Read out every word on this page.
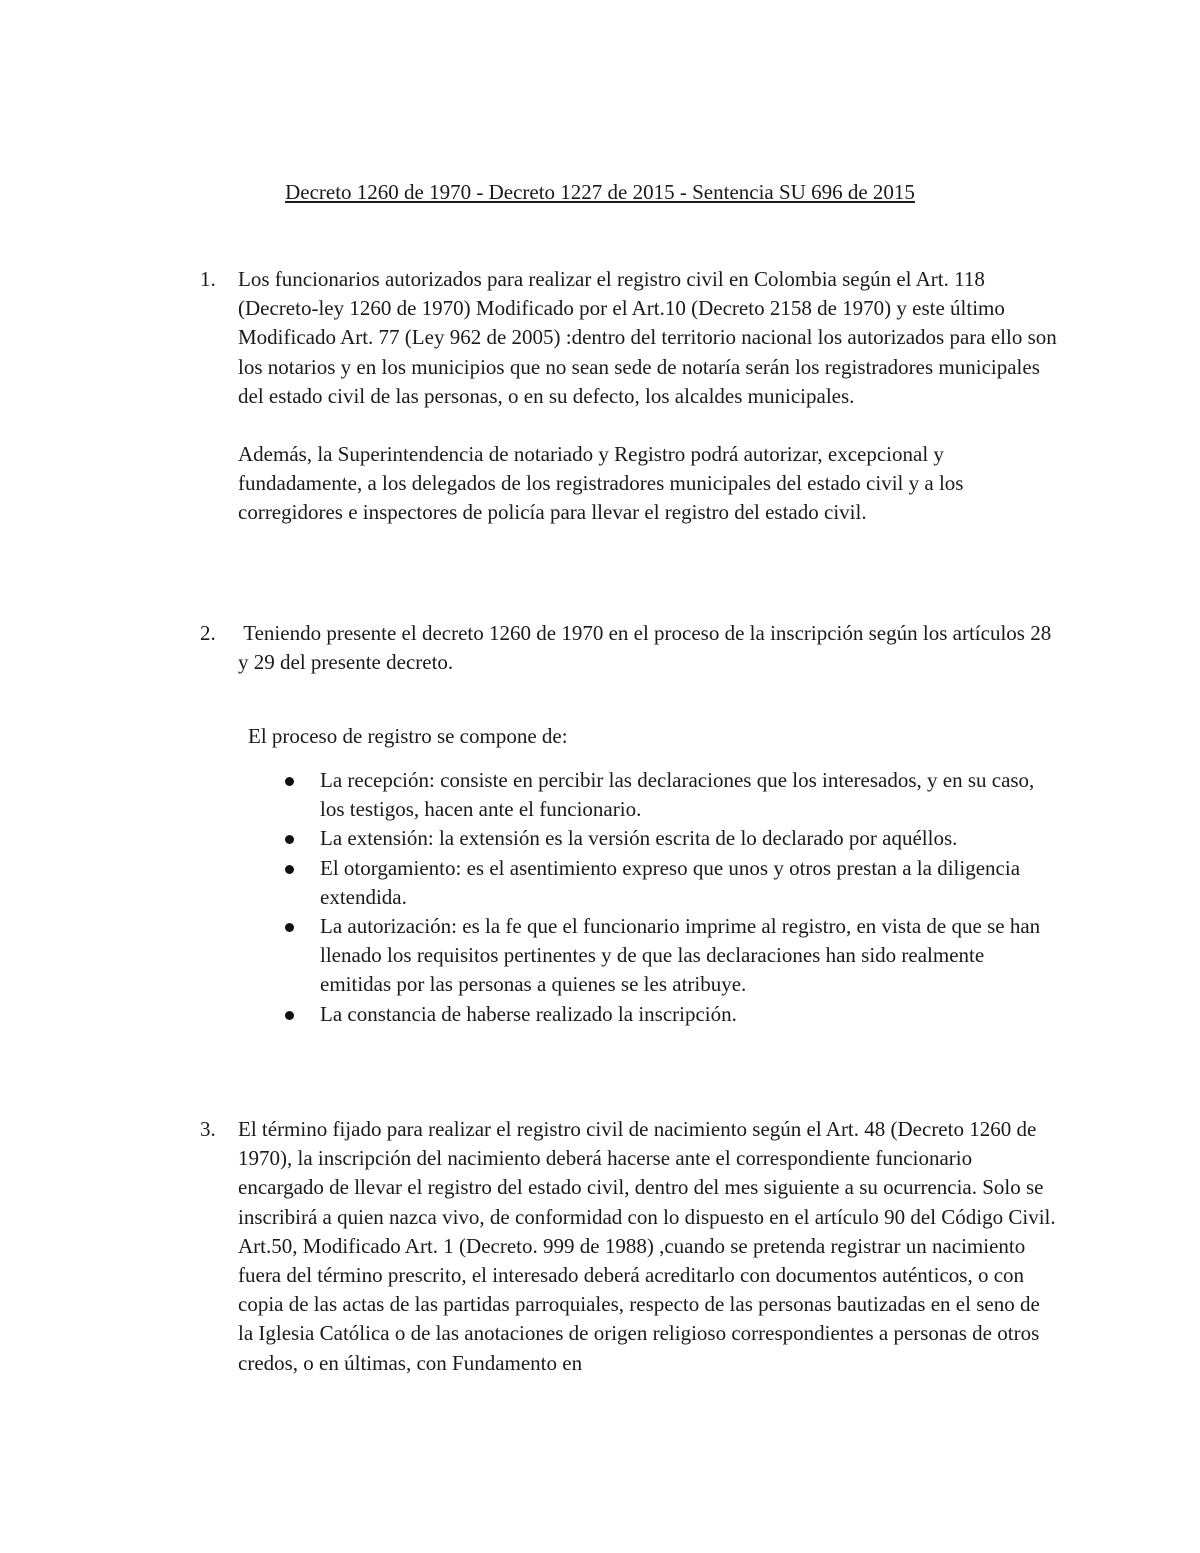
Decreto 1260 de 1970 - Decreto 1227 de 2015 - Sentencia SU 696 de 2015
1. Los funcionarios autorizados para realizar el registro civil en Colombia según el Art. 118 (Decreto-ley 1260 de 1970) Modificado por el Art.10 (Decreto 2158 de 1970) y este último Modificado Art. 77 (Ley 962 de 2005) :dentro del territorio nacional los autorizados para ello son los notarios y en los municipios que no sean sede de notaría serán los registradores municipales del estado civil de las personas, o en su defecto, los alcaldes municipales.
Además, la Superintendencia de notariado y Registro podrá autorizar, excepcional y fundadamente, a los delegados de los registradores municipales del estado civil y a los corregidores e inspectores de policía para llevar el registro del estado civil.
2. Teniendo presente el decreto 1260 de 1970 en el proceso de la inscripción según los artículos 28 y 29 del presente decreto.
El proceso de registro se compone de:
La recepción: consiste en percibir las declaraciones que los interesados, y en su caso, los testigos, hacen ante el funcionario.
La extensión: la extensión es la versión escrita de lo declarado por aquéllos.
El otorgamiento: es el asentimiento expreso que unos y otros prestan a la diligencia extendida.
La autorización: es la fe que el funcionario imprime al registro, en vista de que se han llenado los requisitos pertinentes y de que las declaraciones han sido realmente emitidas por las personas a quienes se les atribuye.
La constancia de haberse realizado la inscripción.
3. El término fijado para realizar el registro civil de nacimiento según el Art. 48 (Decreto 1260 de 1970), la inscripción del nacimiento deberá hacerse ante el correspondiente funcionario encargado de llevar el registro del estado civil, dentro del mes siguiente a su ocurrencia. Solo se inscribirá a quien nazca vivo, de conformidad con lo dispuesto en el artículo 90 del Código Civil. Art.50, Modificado Art. 1 (Decreto. 999 de 1988) ,cuando se pretenda registrar un nacimiento fuera del término prescrito, el interesado deberá acreditarlo con documentos auténticos, o con copia de las actas de las partidas parroquiales, respecto de las personas bautizadas en el seno de la Iglesia Católica o de las anotaciones de origen religioso correspondientes a personas de otros credos, o en últimas, con Fundamento en
